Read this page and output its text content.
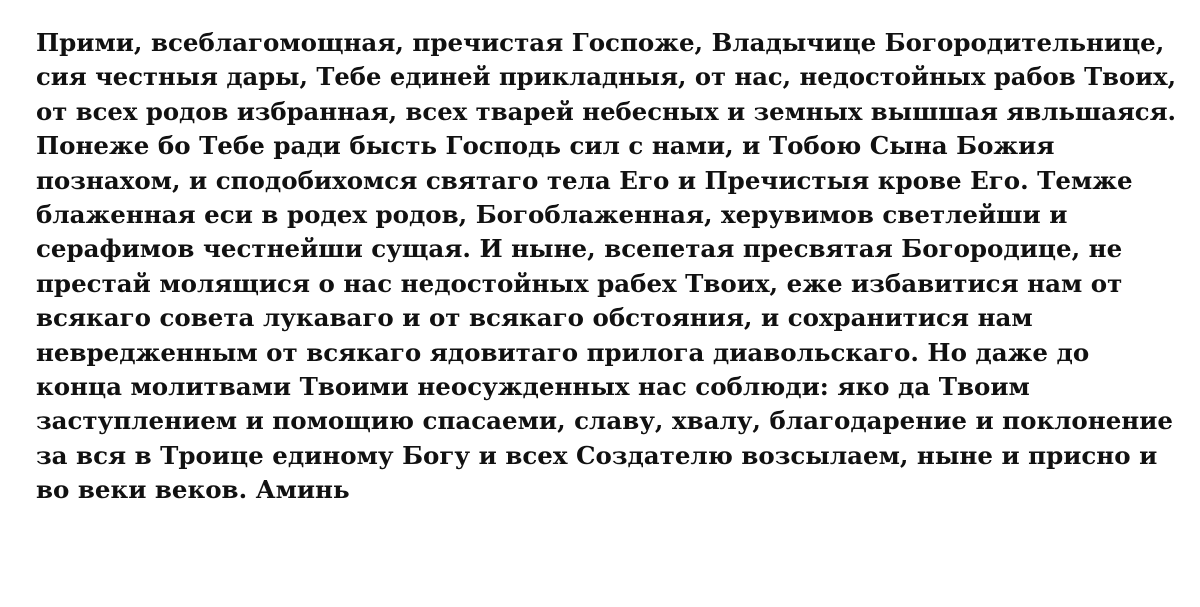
Прими, всеблагомощная, пречистая Госпоже, Владычице Богородительнице,
сия честныя дары, Тебе единей прикладныя, от нас, недостойных рабов Твоих,
от всех родов избранная, всех тварей небесных и земных вышшая явльшаяся.
Понеже бо Тебе ради бысть Господь сил с нами, и Тобою Сына Божия
познахом, и сподобихомся святаго тела Его и Пречистыя крове Его. Темже
блаженная еси в родех родов, Богоблаженная, херувимов светлейши и
серафимов честнейши сущая. И ныне, всепетая пресвятая Богородице, не
престай молящися о нас недостойных рабех Твоих, еже избавитися нам от
всякаго совета лукаваго и от всякаго обстояния, и сохранитися нам
невредженным от всякаго ядовитаго прилога диавольскаго. Но даже до
конца молитвами Твоими неосужденных нас соблюди: яко да Твоим
заступлением и помощию спасаеми, славу, хвалу, благодарение и поклонение
за вся в Троице единому Богу и всех Создателю возсылаем, ныне и присно и
во веки веков. Аминь
